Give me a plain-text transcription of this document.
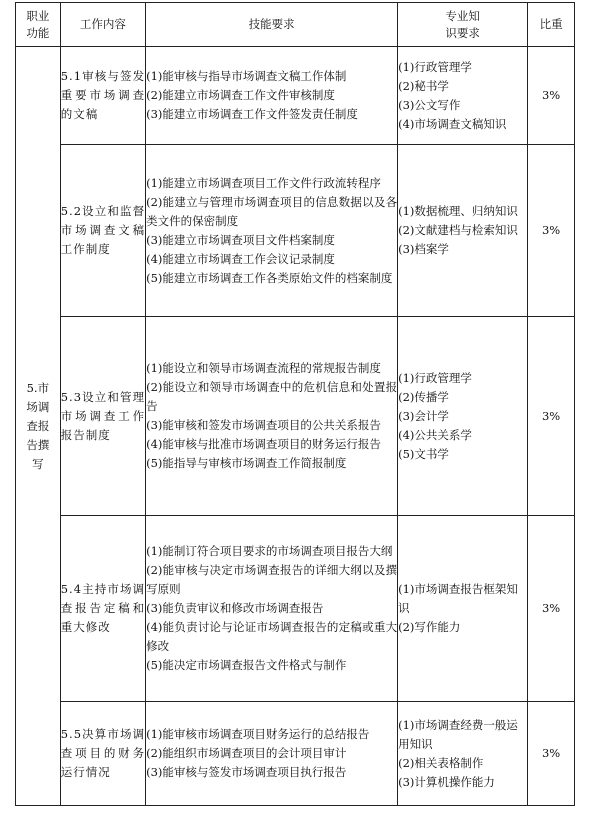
职业
功能	工作内容	技能要求	专业知
识要求	比重
5.市
场调
查报
告撰
写	5.1审核与签发重要市场调查的文稿	(1)能审核与指导市场调查文稿工作体制
(2)能建立市场调查工作文件审核制度
(3)能建立市场调查工作文件签发责任制度	(1)行政管理学
(2)秘书学
(3)公文写作
(4)市场调查文稿知识	3%
	5.2设立和监督市场调查文稿工作制度	(1)能建立市场调查项目工作文件行政流转程序
(2)能建立与管理市场调查项目的信息数据以及各类文件的保密制度
(3)能建立市场调查项目文件档案制度
(4)能建立市场调查工作会议记录制度
(5)能建立市场调查工作各类原始文件的档案制度	(1)数据梳理、归纳知识
(2)文献建档与检索知识
(3)档案学	3%
	5.3设立和管理市场调查工作报告制度	(1)能设立和领导市场调查流程的常规报告制度
(2)能设立和领导市场调查中的危机信息和处置报告
(3)能审核和签发市场调查项目的公共关系报告
(4)能审核与批准市场调查项目的财务运行报告
(5)能指导与审核市场调查工作简报制度	(1)行政管理学
(2)传播学
(3)会计学
(4)公共关系学
(5)文书学	3%
	5.4主持市场调查报告定稿和重大修改	(1)能制订符合项目要求的市场调查项目报告大纲
(2)能审核与决定市场调查报告的详细大纲以及撰写原则
(3)能负责审议和修改市场调查报告
(4)能负责讨论与论证市场调查报告的定稿或重大修改
(5)能决定市场调查报告文件格式与制作	(1)市场调查报告框架知识
(2)写作能力	3%
	5.5决算市场调查项目的财务运行情况	(1)能审核市场调查项目财务运行的总结报告
(2)能组织市场调查项目的会计项目审计
(3)能审核与签发市场调查项目执行报告	(1)市场调查经费一般运用知识
(2)相关表格制作
(3)计算机操作能力	3%
